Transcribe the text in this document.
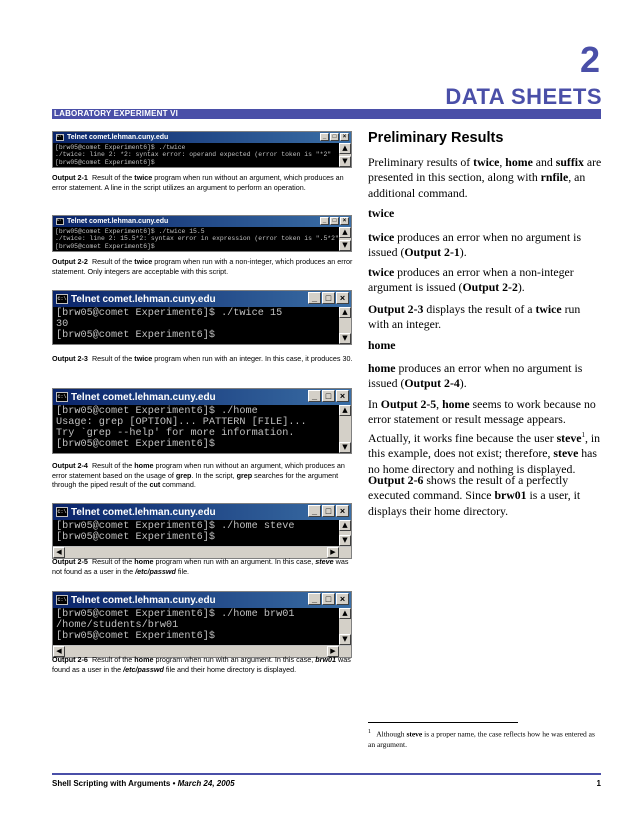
2
DATA SHEETS
LABORATORY EXPERIMENT VI
C:\ Telnet comet.lehman.cuny.edu	_	□	×
[brw05@comet Experiment6]$ ./twice
./twice: line 2: *2: syntax error: operand expected (error token is "*2"
[brw05@comet Experiment6]$
▲
▼
Output 2-1 Result of the twice program when run without an argument, which produces an error statement. A line in the script utilizes an argument to perform an operation.
C:\ Telnet comet.lehman.cuny.edu	_	□	×
[brw05@comet Experiment6]$ ./twice 15.5
./twice: line 2: 15.5*2: syntax error in expression (error token is ".5*2"
[brw05@comet Experiment6]$
▲
▼
Output 2-2 Result of the twice program when run with a non-integer, which produces an error statement. Only integers are acceptable with this script.
C:\ Telnet comet.lehman.cuny.edu	_ □ ×
[brw05@comet Experiment6]$ ./twice 15
30
[brw05@comet Experiment6]$
▲
▼
Output 2-3 Result of the twice program when run with an integer. In this case, it produces 30.
C:\ Telnet comet.lehman.cuny.edu	_ □ ×
[brw05@comet Experiment6]$ ./home
Usage: grep [OPTION]... PATTERN [FILE]...
Try `grep --help' for more information.
[brw05@comet Experiment6]$
▲
▼
Output 2-4 Result of the home program when run without an argument, which produces an error statement based on the usage of grep. In the script, grep searches for the argument through the piped result of the cut command.
C:\ Telnet comet.lehman.cuny.edu	_ □ ×
[brw05@comet Experiment6]$ ./home steve
[brw05@comet Experiment6]$
▲
▼
◀	▶
Output 2-5 Result of the home program when run with an argument. In this case, steve was not found as a user in the /etc/passwd file.
C:\ Telnet comet.lehman.cuny.edu	_ □ ×
[brw05@comet Experiment6]$ ./home brw01
/home/students/brw01
[brw05@comet Experiment6]$
▲
▼
◀	▶
Output 2-6 Result of the home program when run with an argument. In this case, brw01 was found as a user in the /etc/passwd file and their home directory is displayed.
Preliminary Results
Preliminary results of twice, home and suffix are presented in this section, along with rnfile, an additional command.
twice
twice produces an error when no argument is issued (Output 2-1).
twice produces an error when a non-integer argument is issued (Output 2-2).
Output 2-3 displays the result of a twice run with an integer.
home
home produces an error when no argument is issued (Output 2-4).
In Output 2-5, home seems to work because no error statement or result message appears. Actually, it works fine because the user steve$^1$, in this example, does not exist; therefore, steve has no home directory and nothing is displayed.
Output 2-6 shows the result of a perfectly executed command. Since brw01 is a user, it displays their home directory.
$^1$ Although steve is a proper name, the case reflects how he was entered as an argument.
Shell Scripting with Arguments • March 24, 2005	1
